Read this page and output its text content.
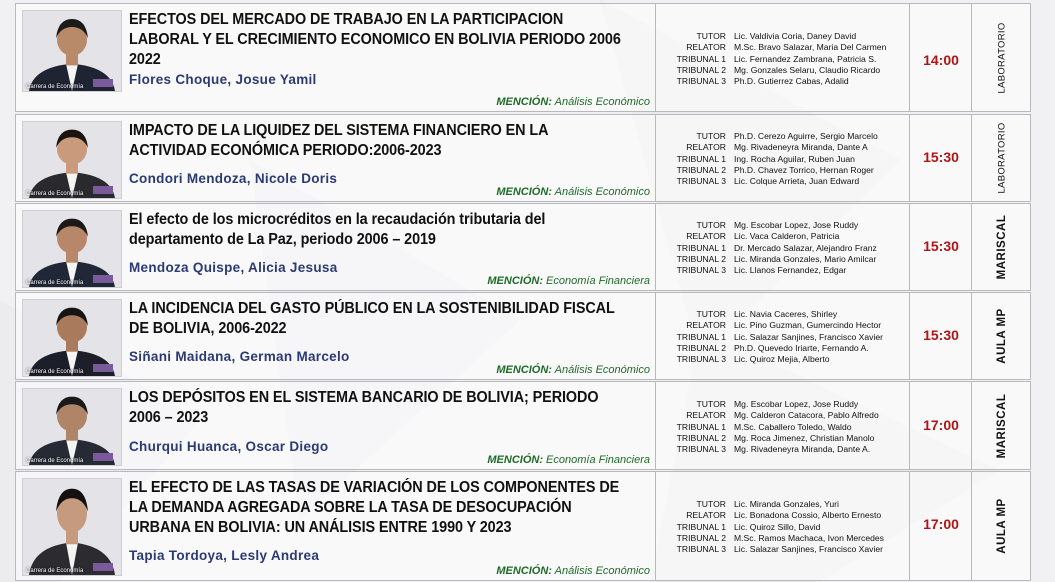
Carrera de Economía
EFECTOS DEL MERCADO DE TRABAJO EN LA PARTICIPACION LABORAL Y EL CRECIMIENTO ECONOMICO EN BOLIVIA PERIODO 2006 2022
Flores Choque, Josue Yamil
MENCIÓN: Análisis Económico
TUTOR Lic. Valdivia Coria, Daney David
RELATOR M.Sc. Bravo Salazar, Maria Del Carmen
TRIBUNAL 1 Lic. Fernandez Zambrana, Patricia S.
TRIBUNAL 2 Mg. Gonzales Selaru, Claudio Ricardo
TRIBUNAL 3 Ph.D. Gutierrez Cabas, Adalid
14:00	LABORATORIO
Carrera de Economía
IMPACTO DE LA LIQUIDEZ DEL SISTEMA FINANCIERO EN LA ACTIVIDAD ECONÓMICA PERIODO:2006-2023
Condori Mendoza, Nicole Doris
MENCIÓN: Análisis Económico
TUTOR Ph.D. Cerezo Aguirre, Sergio Marcelo
RELATOR Mg. Rivadeneyra Miranda, Dante A
TRIBUNAL 1 Ing. Rocha Aguilar, Ruben Juan
TRIBUNAL 2 Ph.D. Chavez Torrico, Hernan Roger
TRIBUNAL 3 Lic. Colque Arrieta, Juan Edward
15:30	LABORATORIO
Carrera de Economía
El efecto de los microcréditos en la recaudación tributaria del departamento de La Paz, periodo 2006 – 2019
Mendoza Quispe, Alicia Jesusa
MENCIÓN: Economía Financiera
TUTOR Mg. Escobar Lopez, Jose Ruddy
RELATOR Lic. Vaca Calderon, Patricia
TRIBUNAL 1 Dr. Mercado Salazar, Alejandro Franz
TRIBUNAL 2 Lic. Miranda Gonzales, Mario Amilcar
TRIBUNAL 3 Lic. Llanos Fernandez, Edgar
15:30	MARISCAL
Carrera de Economía
LA INCIDENCIA DEL GASTO PÚBLICO EN LA SOSTENIBILIDAD FISCAL DE BOLIVIA, 2006-2022
Siñani Maidana, German Marcelo
MENCIÓN: Análisis Económico
TUTOR Lic. Navia Caceres, Shirley
RELATOR Lic. Pino Guzman, Gumercindo Hector
TRIBUNAL 1 Lic. Salazar Sanjines, Francisco Xavier
TRIBUNAL 2 Ph.D. Quevedo Iriarte, Fernando A.
TRIBUNAL 3 Lic. Quiroz Mejia, Alberto
15:30	AULA MP
Carrera de Economía
LOS DEPÓSITOS EN EL SISTEMA BANCARIO DE BOLIVIA; PERIODO 2006 – 2023
Churqui Huanca, Oscar Diego
MENCIÓN: Economía Financiera
TUTOR Mg. Escobar Lopez, Jose Ruddy
RELATOR Mg. Calderon Catacora, Pablo Alfredo
TRIBUNAL 1 M.Sc. Caballero Toledo, Waldo
TRIBUNAL 2 Mg. Roca Jimenez, Christian Manolo
TRIBUNAL 3 Mg. Rivadeneyra Miranda, Dante A.
17:00	MARISCAL
Carrera de Economía
EL EFECTO DE LAS TASAS DE VARIACIÓN DE LOS COMPONENTES DE LA DEMANDA AGREGADA SOBRE LA TASA DE DESOCUPACIÓN URBANA EN BOLIVIA: UN ANÁLISIS ENTRE 1990 Y 2023
Tapia Tordoya, Lesly Andrea
MENCIÓN: Análisis Económico
TUTOR Lic. Miranda Gonzales, Yuri
RELATOR Lic. Bonadona Cossio, Alberto Ernesto
TRIBUNAL 1 Lic. Quiroz Sillo, David
TRIBUNAL 2 M.Sc. Ramos Machaca, Ivon Mercedes
TRIBUNAL 3 Lic. Salazar Sanjines, Francisco Xavier
17:00	AULA MP
